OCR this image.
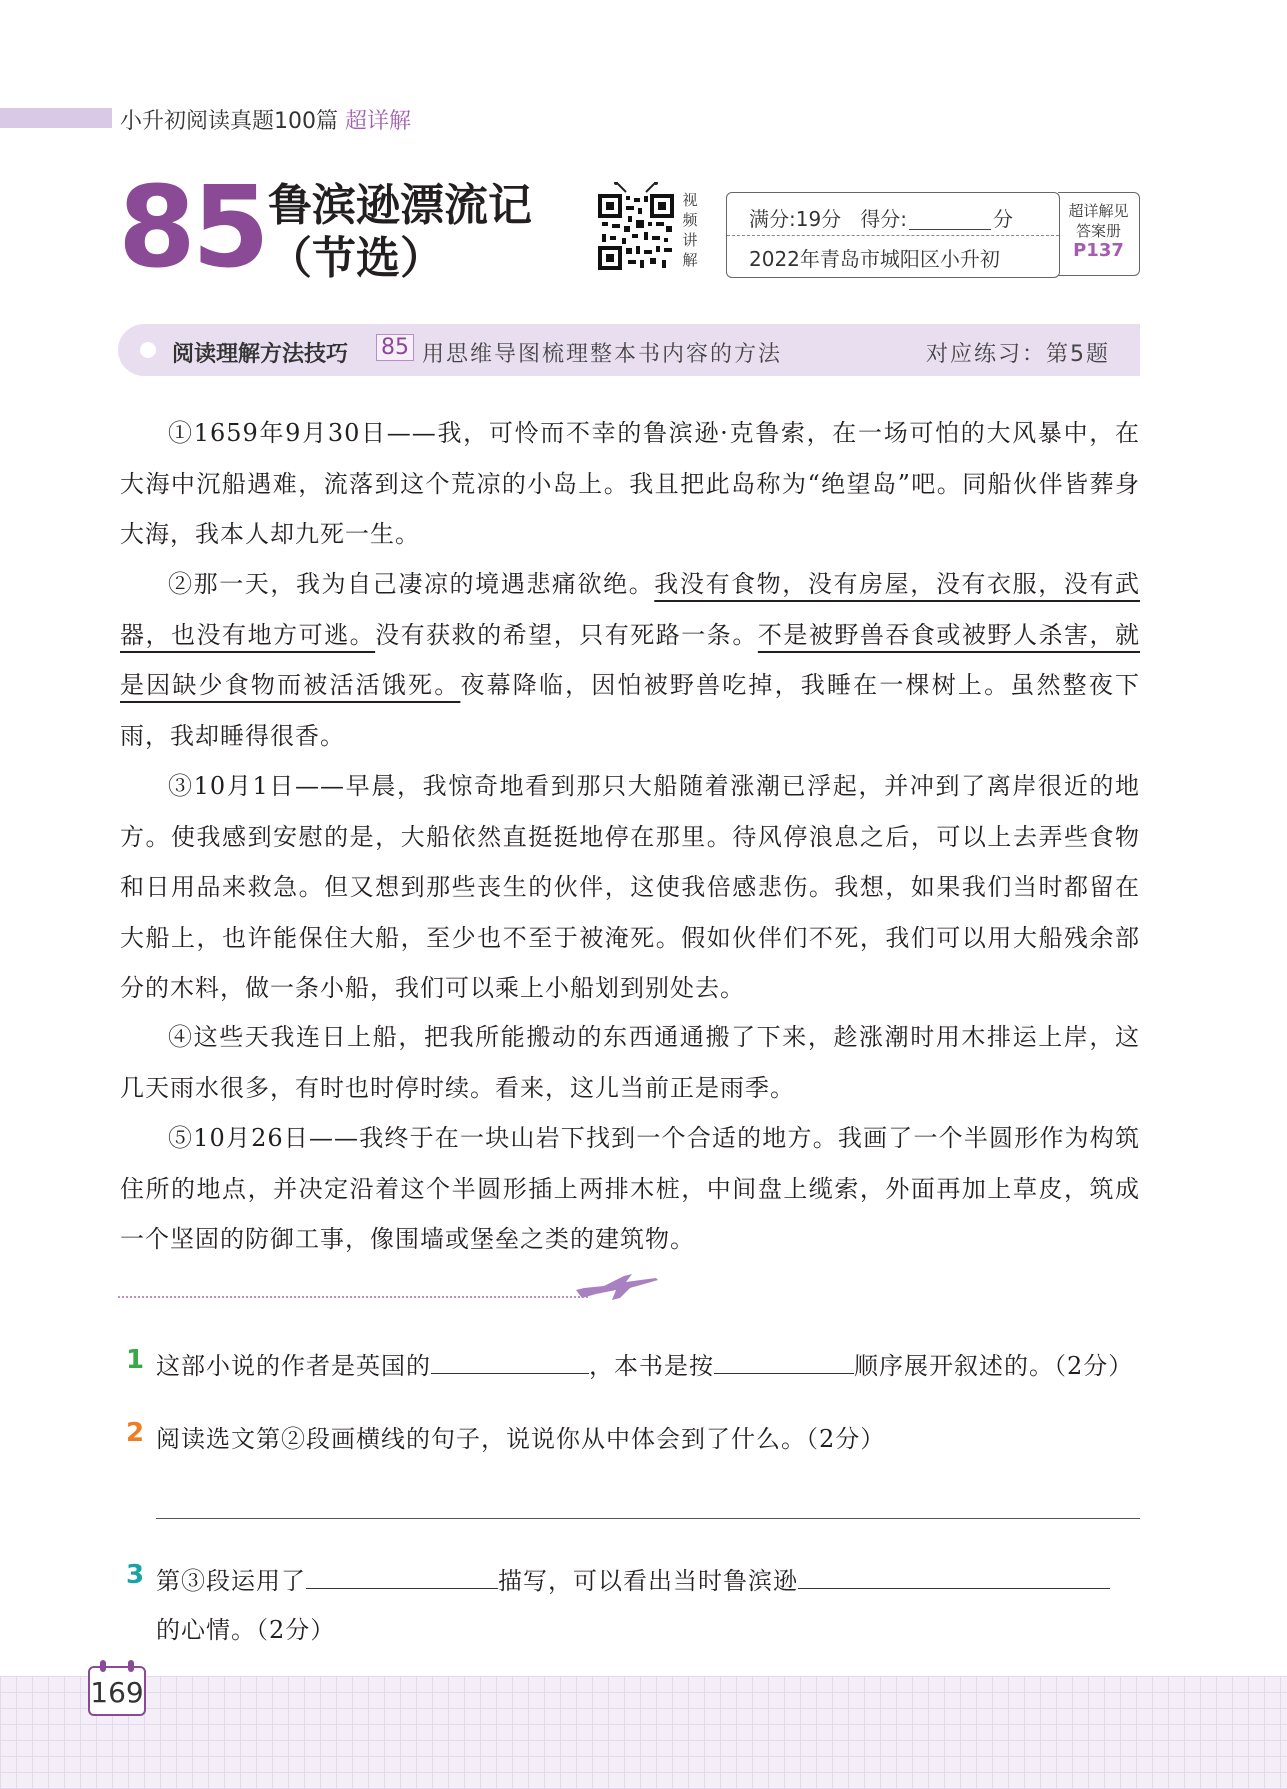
小升初阅读真题100篇 超详解
85 鲁滨逊漂流记
（节选）
视
频
讲
解
满分:19分 得分:	分
2022年青岛市城阳区小升初
超详解见
答案册
P137
阅读理解方法技巧 85 用思维导图梳理整本书内容的方法	对应练习：第5题
①1659年9月30日——我，可怜而不幸的鲁滨逊·克鲁索，在一场可怕的大风暴中，在大海中沉船遇难，流落到这个荒凉的小岛上。我且把此岛称为“绝望岛”吧。同船伙伴皆葬身大海，我本人却九死一生。
②那一天，我为自己凄凉的境遇悲痛欲绝。我没有食物，没有房屋，没有衣服，没有武器，也没有地方可逃。没有获救的希望，只有死路一条。不是被野兽吞食或被野人杀害，就是因缺少食物而被活活饿死。夜幕降临，因怕被野兽吃掉，我睡在一棵树上。虽然整夜下雨，我却睡得很香。
③10月1日——早晨，我惊奇地看到那只大船随着涨潮已浮起，并冲到了离岸很近的地方。使我感到安慰的是，大船依然直挺挺地停在那里。待风停浪息之后，可以上去弄些食物和日用品来救急。但又想到那些丧生的伙伴，这使我倍感悲伤。我想，如果我们当时都留在大船上，也许能保住大船，至少也不至于被淹死。假如伙伴们不死，我们可以用大船残余部分的木料，做一条小船，我们可以乘上小船划到别处去。
④这些天我连日上船，把我所能搬动的东西通通搬了下来，趁涨潮时用木排运上岸，这几天雨水很多，有时也时停时续。看来，这儿当前正是雨季。
⑤10月26日——我终于在一块山岩下找到一个合适的地方。我画了一个半圆形作为构筑住所的地点，并决定沿着这个半圆形插上两排木桩，中间盘上缆索，外面再加上草皮，筑成一个坚固的防御工事，像围墙或堡垒之类的建筑物。
1 这部小说的作者是英国的	，本书是按	顺序展开叙述的。（2分）
2 阅读选文第②段画横线的句子，说说你从中体会到了什么。（2分）
3 第③段运用了	描写，可以看出当时鲁滨逊
的心情。（2分）
169
